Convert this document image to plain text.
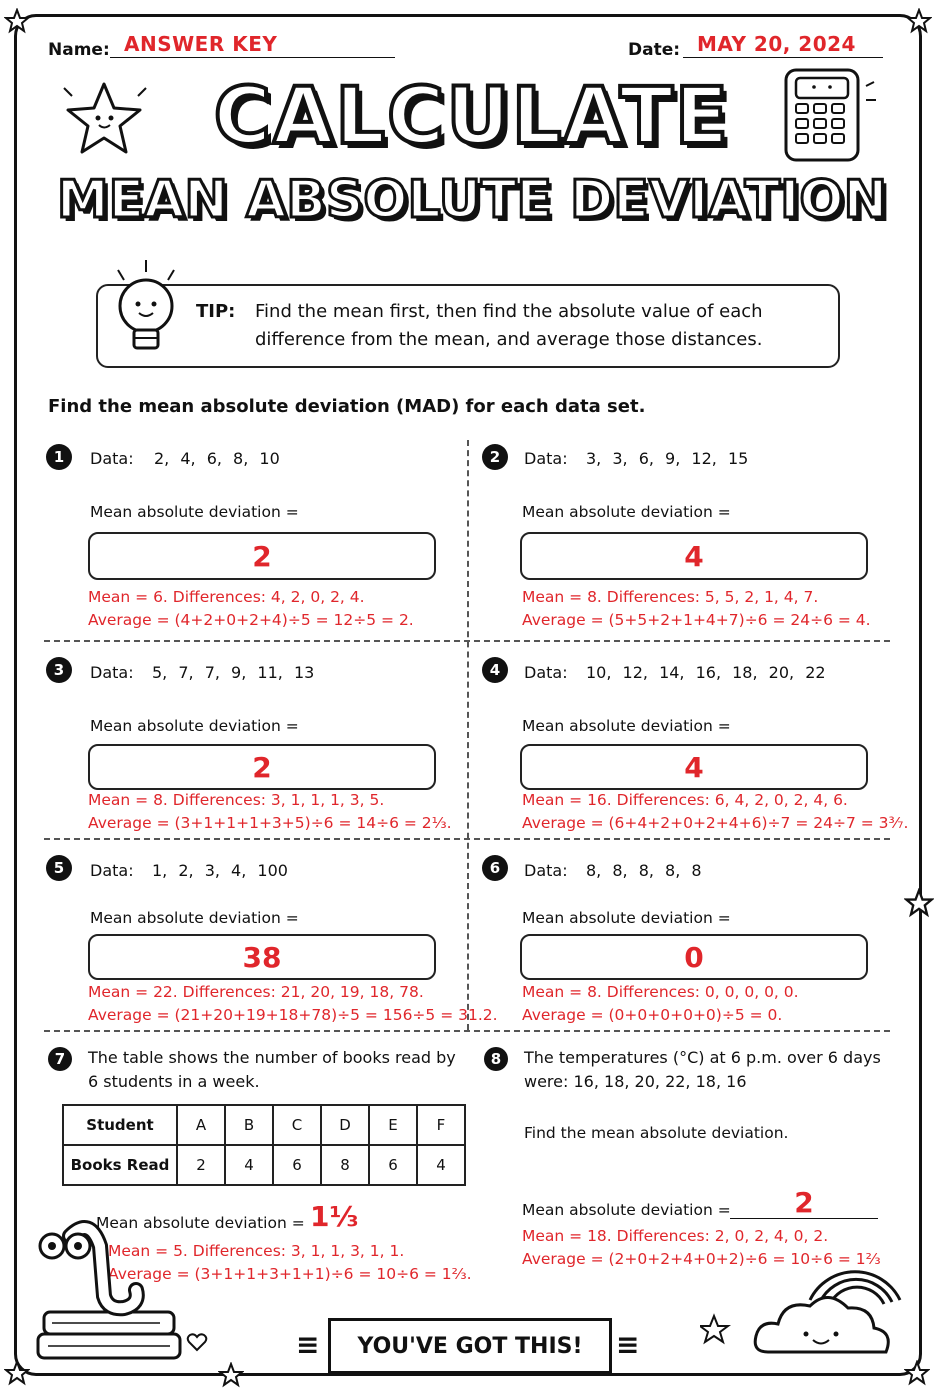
Name: ANSWER KEY	Date: MAY 20, 2024
CALCULATE
MEAN ABSOLUTE DEVIATION
TIP: Find the mean first, then find the absolute value of each
difference from the mean, and average those distances.
Find the mean absolute deviation (MAD) for each data set.
1	Data: 2, 4, 6, 8, 10
Mean absolute deviation =
2
Mean = 6. Differences: 4, 2, 0, 2, 4.
Average = (4+2+0+2+4)÷5 = 12÷5 = 2.
2	Data: 3, 3, 6, 9, 12, 15
Mean absolute deviation =
4
Mean = 8. Differences: 5, 5, 2, 1, 4, 7.
Average = (5+5+2+1+4+7)÷6 = 24÷6 = 4.
3	Data: 5, 7, 7, 9, 11, 13
Mean absolute deviation =
2
Mean = 8. Differences: 3, 1, 1, 1, 3, 5.
Average = (3+1+1+1+3+5)÷6 = 14÷6 = 2⅓.
4	Data: 10, 12, 14, 16, 18, 20, 22
Mean absolute deviation =
4
Mean = 16. Differences: 6, 4, 2, 0, 2, 4, 6.
Average = (6+4+2+0+2+4+6)÷7 = 24÷7 = 3³⁄₇.
5	Data: 1, 2, 3, 4, 100
Mean absolute deviation =
38
Mean = 22. Differences: 21, 20, 19, 18, 78.
Average = (21+20+19+18+78)÷5 = 156÷5 = 31.2.
6	Data: 8, 8, 8, 8, 8
Mean absolute deviation =
0
Mean = 8. Differences: 0, 0, 0, 0, 0.
Average = (0+0+0+0+0)÷5 = 0.
7	The table shows the number of books read by
6 students in a week.
Student	A	B	C	D	E	F
Books Read	2	4	6	8	6	4
Mean absolute deviation = 1⅓
Mean = 5. Differences: 3, 1, 1, 3, 1, 1.
Average = (3+1+1+3+1+1)÷6 = 10÷6 = 1⅔.
8	The temperatures (°C) at 6 p.m. over 6 days
were: 16, 18, 20, 22, 18, 16
Find the mean absolute deviation.
Mean absolute deviation =	2
Mean = 18. Differences: 2, 0, 2, 4, 0, 2.
Average = (2+0+2+4+0+2)÷6 = 10÷6 = 1⅔
≡	YOU'VE GOT THIS!	≡
